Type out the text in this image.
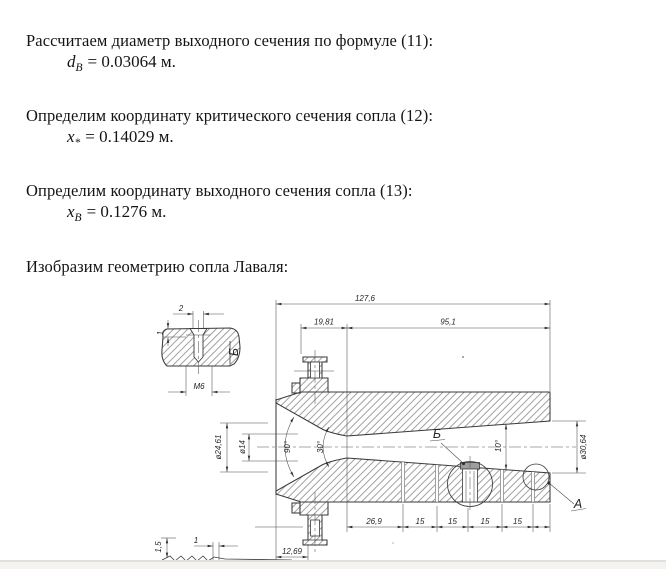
Рассчитаем диаметр выходного сечения по формуле (11):

$d_B = 0.03064$ м.

Определим координату критического сечения сопла (12):

$x_* = 0.14029$ м.

Определим координату выходного сечения сопла (13):

$x_B = 0.1276$ м.

Изобразим геометрию сопла Лаваля:

2
1
М6
Б
127,6
19,81	95,1
ø24,61 ø14	90°	30°	10°	ø30,64
26,9	15	15	15	15
12,69
Б
А
1,5
1
